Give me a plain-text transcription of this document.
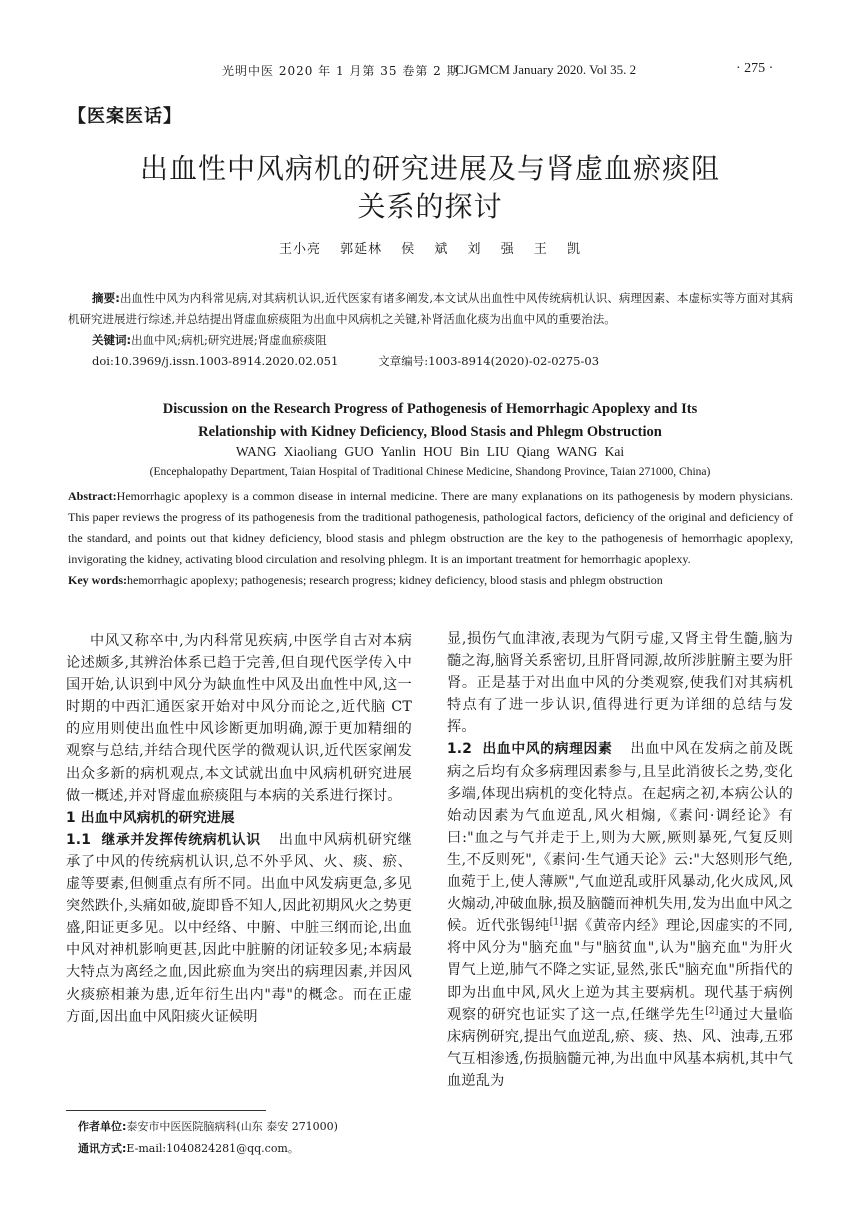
光明中医 2020 年 1 月第 35 卷第 2 期
CJGMCM January 2020. Vol 35. 2	· 275 ·
【医案医话】
出血性中风病机的研究进展及与肾虚血瘀痰阻
关系的探讨
王小亮 郭延林 侯 斌 刘 强 王 凯

摘要:出血性中风为内科常见病,对其病机认识,近代医家有诸多阐发,本文试从出血性中风传统病机认识、病理因素、本虚标实等方面对其病机研究进展进行综述,并总结提出肾虚血瘀痰阻为出血中风病机之关键,补肾活血化痰为出血中风的重要治法。

关键词:出血中风;病机;研究进展;肾虚血瘀痰阻

doi:10.3969/j.issn.1003-8914.2020.02.051	文章编号:1003-8914(2020)-02-0275-03

Discussion on the Research Progress of Pathogenesis of Hemorrhagic Apoplexy and Its
Relationship with Kidney Deficiency, Blood Stasis and Phlegm Obstruction
WANG Xiaoliang GUO Yanlin HOU Bin LIU Qiang WANG Kai
(Encephalopathy Department, Taian Hospital of Traditional Chinese Medicine, Shandong Province, Taian 271000, China)

Abstract:Hemorrhagic apoplexy is a common disease in internal medicine. There are many explanations on its pathogenesis by modern physicians. This paper reviews the progress of its pathogenesis from the traditional pathogenesis, pathological factors, deficiency of the original and deficiency of the standard, and points out that kidney deficiency, blood stasis and phlegm obstruction are the key to the pathogenesis of hemorrhagic apoplexy, invigorating the kidney, activating blood circulation and resolving phlegm. It is an important treatment for hemorrhagic apoplexy.

Key words:hemorrhagic apoplexy; pathogenesis; research progress; kidney deficiency, blood stasis and phlegm obstruction

中风又称卒中,为内科常见疾病,中医学自古对本病论述颇多,其辨治体系已趋于完善,但自现代医学传入中国开始,认识到中风分为缺血性中风及出血性中风,这一时期的中西汇通医家开始对中风分而论之,近代脑 CT 的应用则使出血性中风诊断更加明确,源于更加精细的观察与总结,并结合现代医学的微观认识,近代医家阐发出众多新的病机观点,本文试就出血中风病机研究进展做一概述,并对肾虚血瘀痰阻与本病的关系进行探讨。

1 出血中风病机的研究进展

1.1 继承并发挥传统病机认识 出血中风病机研究继承了中风的传统病机认识,总不外乎风、火、痰、瘀、虚等要素,但侧重点有所不同。出血中风发病更急,多见突然跌仆,头痛如破,旋即昏不知人,因此初期风火之势更盛,阳证更多见。以中经络、中腑、中脏三纲而论,出血中风对神机影响更甚,因此中脏腑的闭证较多见;本病最大特点为离经之血,因此瘀血为突出的病理因素,并因风火痰瘀相兼为患,近年衍生出内"毒"的概念。而在正虚方面,因出血中风阳痰火证候明

显,损伤气血津液,表现为气阴亏虚,又肾主骨生髓,脑为髓之海,脑肾关系密切,且肝肾同源,故所涉脏腑主要为肝肾。正是基于对出血中风的分类观察,使我们对其病机特点有了进一步认识,值得进行更为详细的总结与发挥。

1.2 出血中风的病理因素 出血中风在发病之前及既病之后均有众多病理因素参与,且呈此消彼长之势,变化多端,体现出病机的变化特点。在起病之初,本病公认的始动因素为气血逆乱,风火相煽,《素问·调经论》有曰:"血之与气并走于上,则为大厥,厥则暴死,气复反则生,不反则死",《素问·生气通天论》云:"大怒则形气绝,血菀于上,使人薄厥",气血逆乱或肝风暴动,化火成风,风火煽动,冲破血脉,损及脑髓而神机失用,发为出血中风之候。近代张锡纯[1]据《黄帝内经》理论,因虚实的不同,将中风分为"脑充血"与"脑贫血",认为"脑充血"为肝火胃气上逆,肺气不降之实证,显然,张氏"脑充血"所指代的即为出血中风,风火上逆为其主要病机。现代基于病例观察的研究也证实了这一点,任继学先生[2]通过大量临床病例研究,提出气血逆乱,瘀、痰、热、风、浊毒,五邪气互相渗透,伤损脑髓元神,为出血中风基本病机,其中气血逆乱为

作者单位:泰安市中医医院脑病科(山东 泰安 271000)

通讯方式:E-mail:1040824281@qq.com。
